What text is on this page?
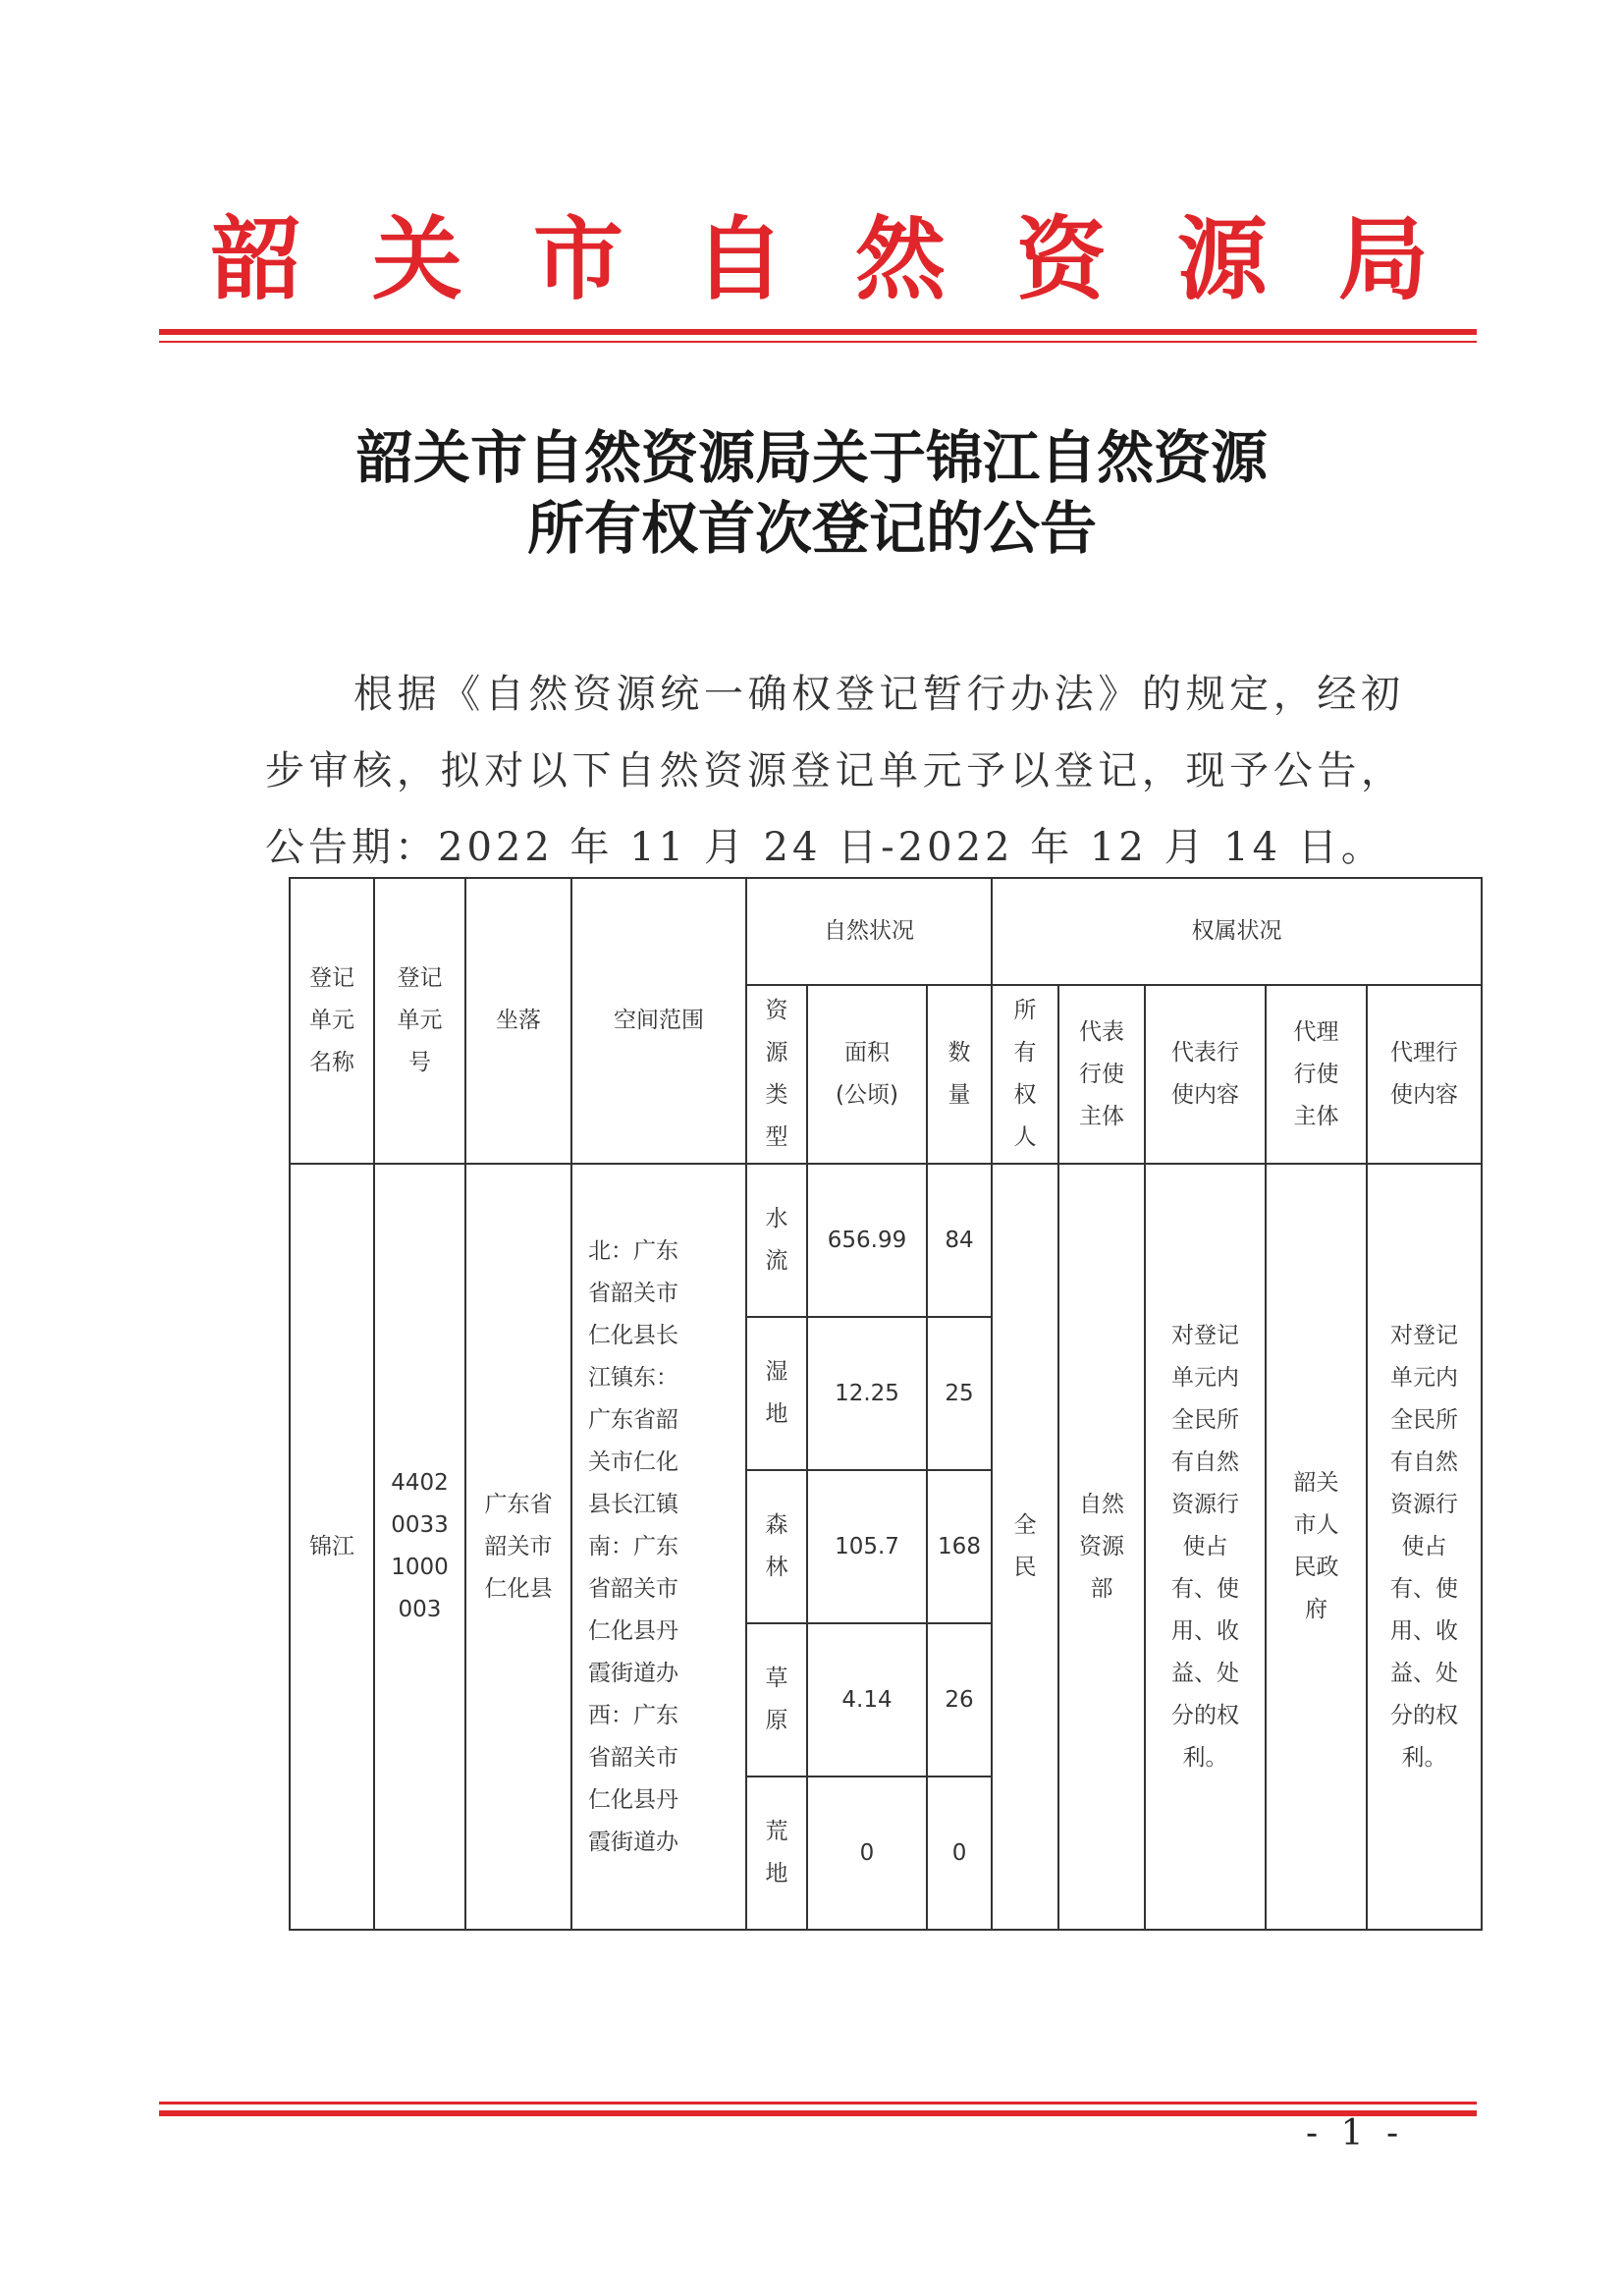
韶 关 市 自 然 资 源 局
韶关市自然资源局关于锦江自然资源
所有权首次登记的公告
根据《自然资源统一确权登记暂行办法》的规定，经初步审核，拟对以下自然资源登记单元予以登记，现予公告，公告期：2022 年 11 月 24 日-2022 年 12 月 14 日。
登记单元名称	登记单元号	坐落	空间范围	自然状况			权属状况				
				资源类型	面积(公顷)	数量	所有权人	代表行使主体	代表行使内容	代理行使主体	代理行使内容
锦江	440200331000003	广东省韶关市仁化县	北：广东省韶关市仁化县长江镇东：广东省韶关市仁化县长江镇南：广东省韶关市仁化县丹霞街道办西：广东省韶关市仁化县丹霞街道办	水流	656.99	84	全民	自然资源部	对登记单元内全民所有自然资源行使占有、使用、收益、处分的权利。	韶关市人民政府	对登记单元内全民所有自然资源行使占有、使用、收益、处分的权利。
				湿地	12.25	25					
				森林	105.7	168					
				草原	4.14	26					
				荒地	0	0					
- 1 -
